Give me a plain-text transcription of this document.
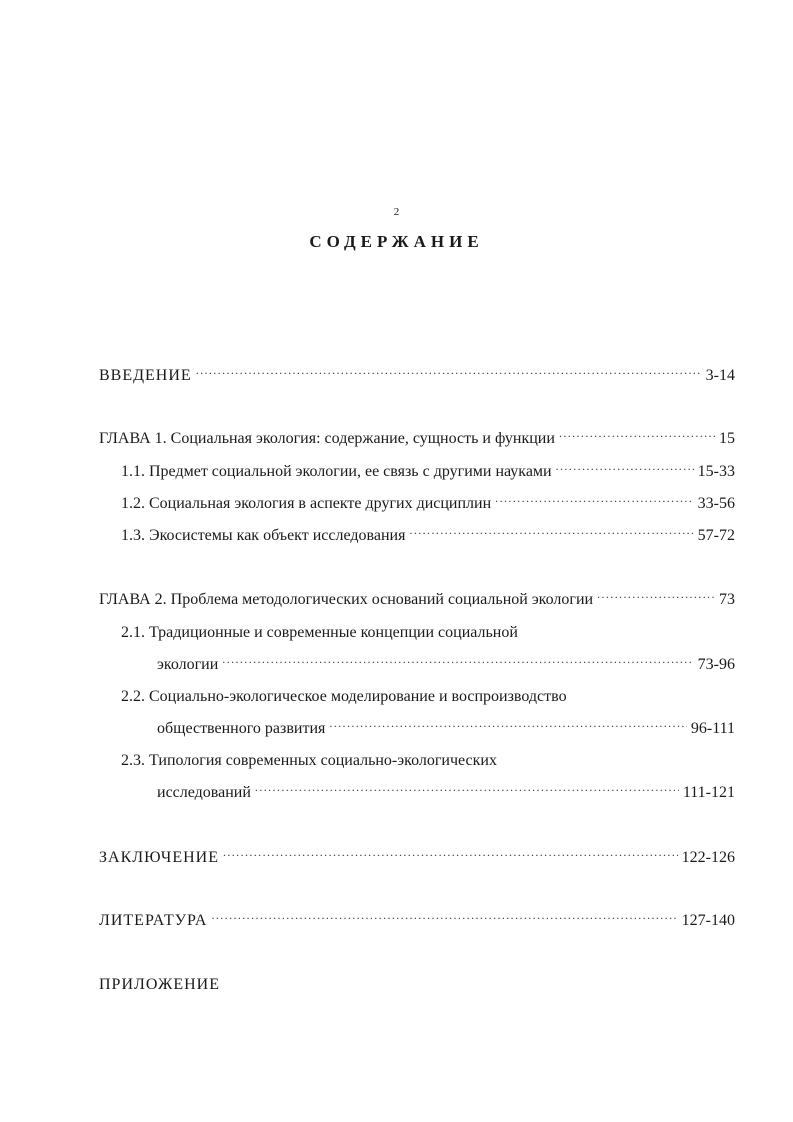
2
СОДЕРЖАНИЕ
ВВЕДЕНИЕ .....	3-14
ГЛАВА 1. Социальная экология: содержание, сущность и функции .....	15
1.1. Предмет социальной экологии, ее связь с другими науками .....	15-33
1.2. Социальная экология в аспекте других дисциплин .....	33-56
1.3. Экосистемы как объект исследования .....	57-72
ГЛАВА 2. Проблема методологических оснований социальной экологии .....	73
2.1. Традиционные и современные концепции социальной
экологии .....	73-96
2.2. Социально-экологическое моделирование и воспроизводство
общественного развития .....	96-111
2.3. Типология современных социально-экологических
исследований .....	111-121
ЗАКЛЮЧЕНИЕ .....	122-126
ЛИТЕРАТУРА .....	127-140
ПРИЛОЖЕНИЕ
